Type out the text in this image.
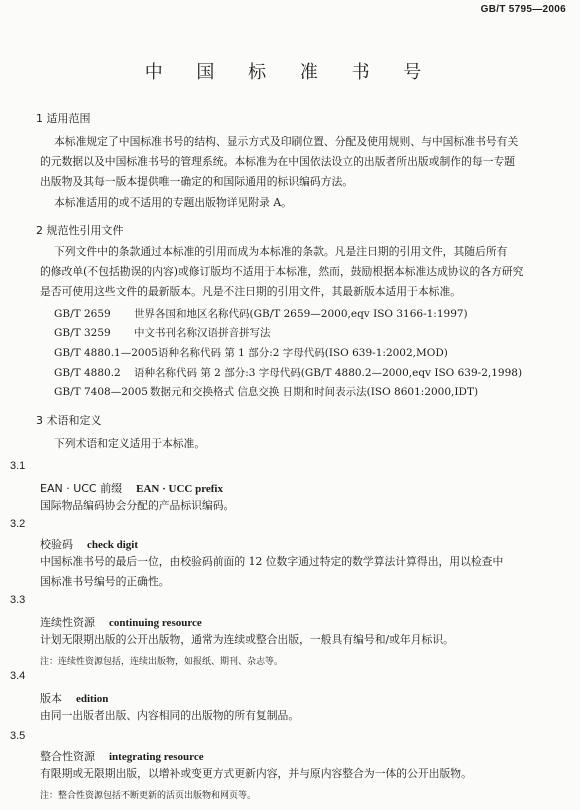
GB/T 5795—2006
中 国 标 准 书 号
1 适用范围
本标准规定了中国标准书号的结构、显示方式及印刷位置、分配及使用规则、与中国标准书号有关
的元数据以及中国标准书号的管理系统。本标准为在中国依法设立的出版者所出版或制作的每一专题
出版物及其每一版本提供唯一确定的和国际通用的标识编码方法。
本标准适用的或不适用的专题出版物详见附录 A。
2 规范性引用文件
下列文件中的条款通过本标准的引用而成为本标准的条款。凡是注日期的引用文件，其随后所有
的修改单(不包括勘误的内容)或修订版均不适用于本标准，然而，鼓励根据本标准达成协议的各方研究
是否可使用这些文件的最新版本。凡是不注日期的引用文件，其最新版本适用于本标准。
GB/T 2659 世界各国和地区名称代码(GB/T 2659—2000,eqv ISO 3166-1:1997)
GB/T 3259 中文书刊名称汉语拼音拼写法
GB/T 4880.1—2005语种名称代码 第 1 部分:2 字母代码(ISO 639-1:2002,MOD)
GB/T 4880.2 语种名称代码 第 2 部分:3 字母代码(GB/T 4880.2—2000,eqv ISO 639-2,1998)
GB/T 7408—2005 数据元和交换格式 信息交换 日期和时间表示法(ISO 8601:2000,IDT)
3 术语和定义
下列术语和定义适用于本标准。
3.1
EAN · UCC 前缀 EAN · UCC prefix
国际物品编码协会分配的产品标识编码。
3.2
校验码 check digit
中国标准书号的最后一位，由校验码前面的 12 位数字通过特定的数学算法计算得出，用以检查中
国标准书号编号的正确性。
3.3
连续性资源 continuing resource
计划无限期出版的公开出版物，通常为连续或整合出版，一般具有编号和/或年月标识。
注：连续性资源包括，连续出版物，如报纸、期刊、杂志等。
3.4
版本 edition
由同一出版者出版、内容相同的出版物的所有复制品。
3.5
整合性资源 integrating resource
有限期或无限期出版，以增补或变更方式更新内容，并与原内容整合为一体的公开出版物。
注：整合性资源包括不断更新的活页出版物和网页等。
